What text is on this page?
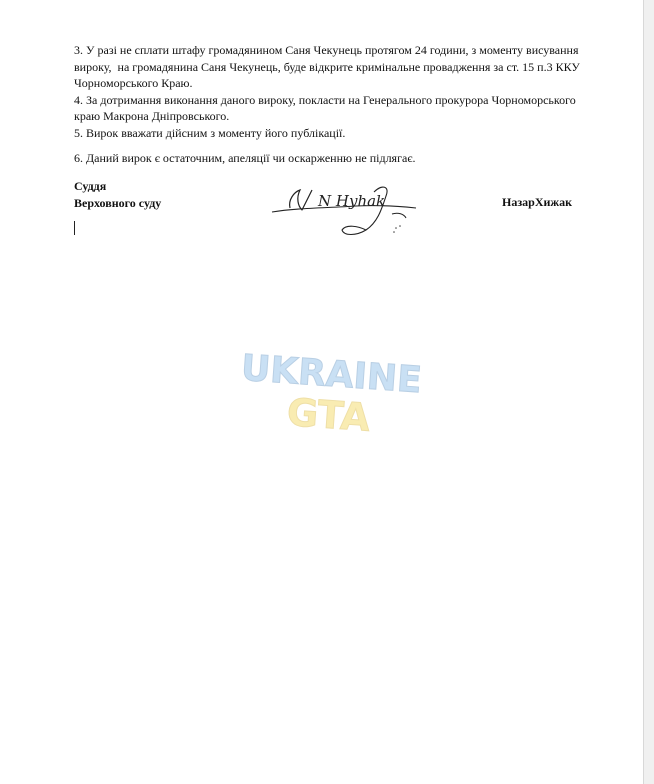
3. У разі не сплати штафу громадянином Саня Чекунець протягом 24 години, з моменту висування вироку,  на громадянина Саня Чекунець, буде відкрите кримінальне провадження за ст. 15 п.3 ККУ Чорноморського Краю.

4. За дотримання виконання даного вироку, покласти на Генерального прокурора Чорноморського краю Макрона Дніпровського.

5. Вирок вважати дійсним з моменту його публікації.

6. Даний вирок є остаточним, апеляції чи оскарженню не підлягає.

Суддя
Верховного суду	N Hyhak	НазарХижак
UKRAINE
GTA
